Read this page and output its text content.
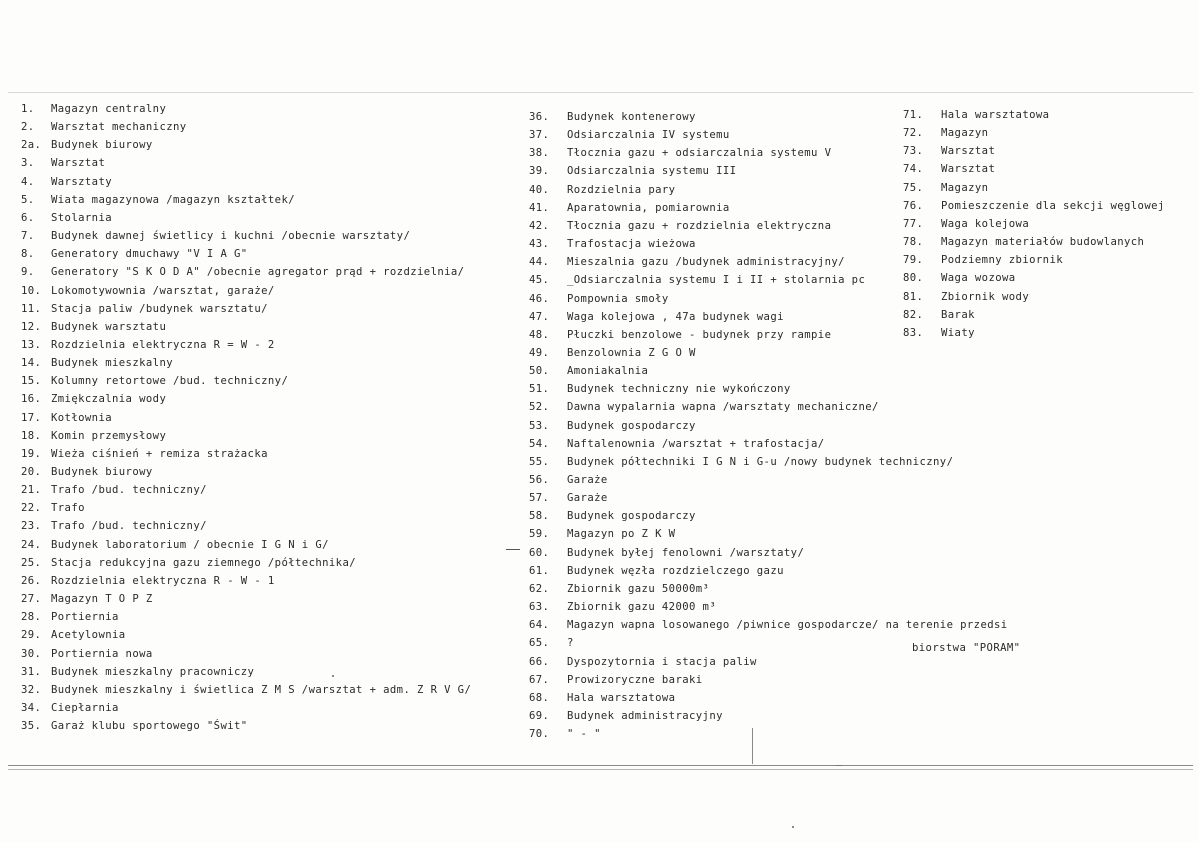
1. Magazyn centralny
2. Warsztat mechaniczny
2a. Budynek biurowy
3. Warsztat
4. Warsztaty
5. Wiata magazynowa /magazyn kształtek/
6. Stolarnia
7. Budynek dawnej świetlicy i kuchni /obecnie warsztaty/
8. Generatory dmuchawy "V I A G"
9. Generatory "S K O D A" /obecnie agregator prąd + rozdzielnia/
10. Lokomotywownia /warsztat, garaże/
11. Stacja paliw /budynek warsztatu/
12. Budynek warsztatu
13. Rozdzielnia elektryczna R = W - 2
14. Budynek mieszkalny
15. Kolumny retortowe /bud. techniczny/
16. Zmiękczalnia wody
17. Kotłownia
18. Komin przemysłowy
19. Wieża ciśnień + remiza strażacka
20. Budynek biurowy
21. Trafo /bud. techniczny/
22. Trafo
23. Trafo /bud. techniczny/
24. Budynek laboratorium / obecnie I G N i G/
25. Stacja redukcyjna gazu ziemnego /półtechnika/
26. Rozdzielnia elektryczna R - W - 1
27. Magazyn T O P Z
28. Portiernia
29. Acetylownia
30. Portiernia nowa
31. Budynek mieszkalny pracowniczy
32. Budynek mieszkalny i świetlica Z M S /warsztat + adm. Z R V G/
34. Ciepłarnia
35. Garaż klubu sportowego "Świt"
36. Budynek kontenerowy
37. Odsiarczalnia IV systemu
38. Tłocznia gazu + odsiarczalnia systemu V
39. Odsiarczalnia systemu III
40. Rozdzielnia pary
41. Aparatownia, pomiarownia
42. Tłocznia gazu + rozdzielnia elektryczna
43. Trafostacja wieżowa
44. Mieszalnia gazu /budynek administracyjny/
45. _Odsiarczalnia systemu I i II + stolarnia pc
46. Pompownia smoły
47. Waga kolejowa , 47a budynek wagi
48. Płuczki benzolowe - budynek przy rampie
49. Benzolownia Z G O W
50. Amoniakalnia
51. Budynek techniczny nie wykończony
52. Dawna wypalarnia wapna /warsztaty mechaniczne/
53. Budynek gospodarczy
54. Naftalenownia /warsztat + trafostacja/
55. Budynek półtechniki I G N i G-u /nowy budynek techniczny/
56. Garaże
57. Garaże
58. Budynek gospodarczy
59. Magazyn po Z K W
60. Budynek byłej fenolowni /warsztaty/
61. Budynek węzła rozdzielczego gazu
62. Zbiornik gazu 50000m³
63. Zbiornik gazu 42000 m³
64. Magazyn wapna losowanego /piwnice gospodarcze/ na terenie przedsi
65. ?
66. Dyspozytornia i stacja paliw
67. Prowizoryczne baraki
68. Hala warsztatowa
69. Budynek administracyjny
70. " - "
71. Hala warsztatowa
72. Magazyn
73. Warsztat
74. Warsztat
75. Magazyn
76. Pomieszczenie dla sekcji węglowej
77. Waga kolejowa
78. Magazyn materiałów budowlanych
79. Podziemny zbiornik
80. Waga wozowa
81. Zbiornik wody
82. Barak
83. Wiaty
biorstwa "PORAM"
